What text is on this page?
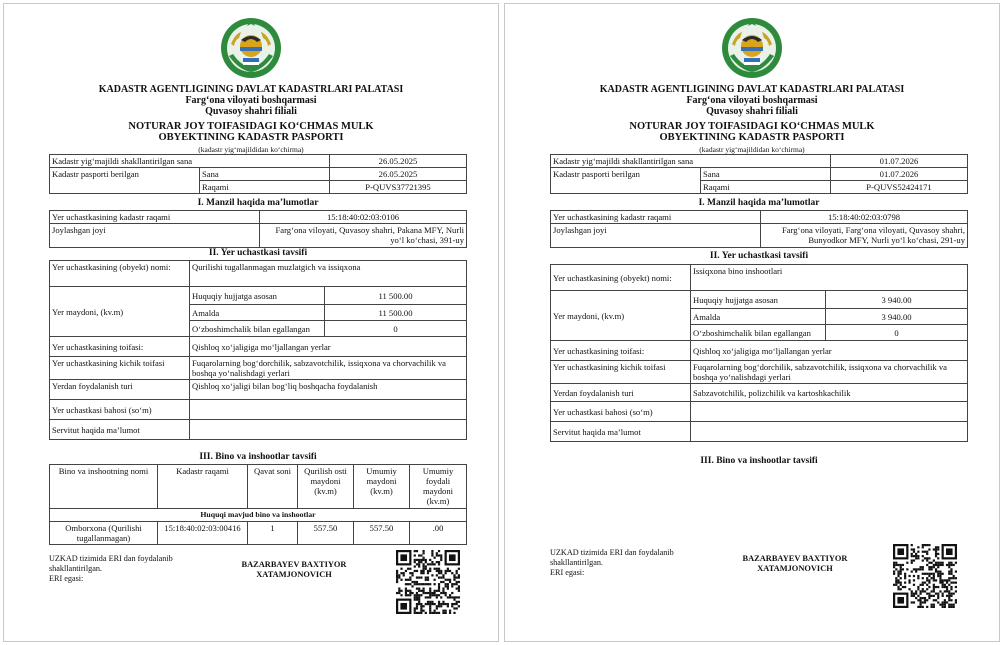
KADASTR AGENTLIGINING DAVLAT KADASTRLARI PALATASI
Farg‘ona viloyati boshqarmasi
Quvasoy shahri filiali
NOTURAR JOY TOIFASIDAGI KO‘CHMAS MULK
OBYEKTINING KADASTR PASPORTI
(kadastr yig‘majildidan ko‘chirma)
Kadastr yig‘majildi shakllantirilgan sana		26.05.2025
Kadastr pasporti berilgan	Sana	26.05.2025
	Raqami	P-QUVS37721395
I. Manzil haqida ma’lumotlar
Yer uchastkasining kadastr raqami	15:18:40:02:03:0106
Joylashgan joyi	Farg‘ona viloyati, Quvasoy shahri, Pakana MFY, Nurli yo‘l ko‘chasi, 391-uy
II. Yer uchastkasi tavsifi
Yer uchastkasining (obyekt) nomi:	Qurilishi tugallanmagan muzlatgich va issiqxona	
Yer maydoni, (kv.m)	Huquqiy hujjatga asosan	11 500.00
	Amalda	11 500.00
	O‘zboshimchalik bilan egallangan	0
Yer uchastkasining toifasi:	Qishloq xo‘jaligiga mo‘ljallangan yerlar	
Yer uchastkasining kichik toifasi	Fuqarolarning bog‘dorchilik, sabzavotchilik, issiqxona va chorvachilik va boshqa yo‘nalishdagi yerlari	
Yerdan foydalanish turi	Qishloq xo‘jaligi bilan bog‘liq boshqacha foydalanish	
Yer uchastkasi bahosi (so‘m)		
Servitut haqida ma’lumot		
III. Bino va inshootlar tavsifi
Bino va inshootning nomi	Kadastr raqami	Qavat soni	Qurilish osti maydoni (kv.m)	Umumiy maydoni (kv.m)	Umumiy foydali maydoni (kv.m)
Huquqi mavjud bino va inshootlar					
Omborxona (Qurilishi tugallanmagan)	15:18:40:02:03:00416	1	557.50	557.50	.00
UZKAD tizimida ERI dan foydalanib shakllantirilgan.
ERI egasi:
BAZARBAYEV BAXTIYOR
XATAMJONOVICH
KADASTR AGENTLIGINING DAVLAT KADASTRLARI PALATASI
Farg‘ona viloyati boshqarmasi
Quvasoy shahri filiali
NOTURAR JOY TOIFASIDAGI KO‘CHMAS MULK
OBYEKTINING KADASTR PASPORTI
(kadastr yig‘majildidan ko‘chirma)
Kadastr yig‘majildi shakllantirilgan sana		01.07.2026
Kadastr pasporti berilgan	Sana	01.07.2026
	Raqami	P-QUVS52424171
I. Manzil haqida ma’lumotlar
Yer uchastkasining kadastr raqami	15:18:40:02:03:0798
Joylashgan joyi	Farg‘ona viloyati, Farg‘ona viloyati, Quvasoy shahri, Bunyodkor MFY, Nurli yo‘l ko‘chasi, 291-uy
II. Yer uchastkasi tavsifi
Yer uchastkasining (obyekt) nomi:	Issiqxona bino inshootlari	
Yer maydoni, (kv.m)	Huquqiy hujjatga asosan	3 940.00
	Amalda	3 940.00
	O‘zboshimchalik bilan egallangan	0
Yer uchastkasining toifasi:	Qishloq xo‘jaligiga mo‘ljallangan yerlar	
Yer uchastkasining kichik toifasi	Fuqarolarning bog‘dorchilik, sabzavotchilik, issiqxona va chorvachilik va boshqa yo‘nalishdagi yerlari	
Yerdan foydalanish turi	Sabzavotchilik, polizchilik va kartoshkachilik	
Yer uchastkasi bahosi (so‘m)		
Servitut haqida ma’lumot		
III. Bino va inshootlar tavsifi
UZKAD tizimida ERI dan foydalanib shakllantirilgan.
ERI egasi:
BAZARBAYEV BAXTIYOR
XATAMJONOVICH
